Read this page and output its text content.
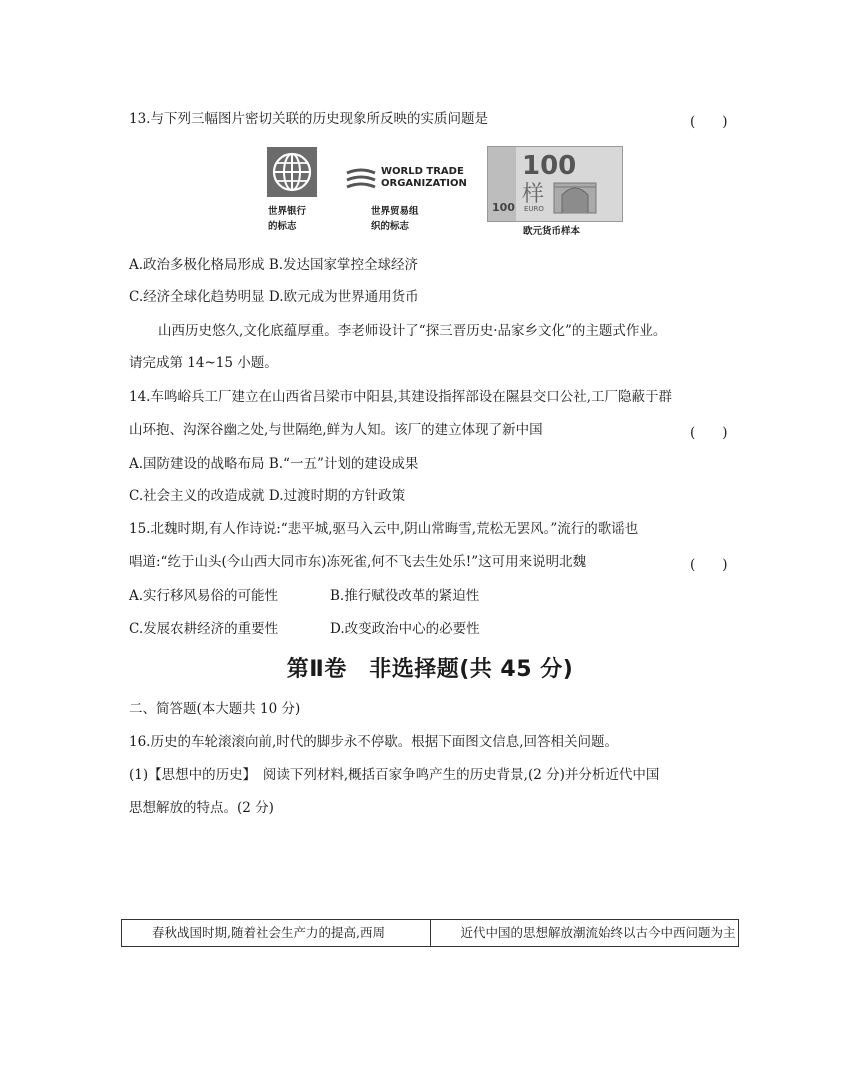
13.与下列三幅图片密切关联的历史现象所反映的实质问题是	(　　)
世界银行
的标志
WORLD TRADE
ORGANIZATION
世界贸易组
织的标志
100
样
100 EURO
欧元货币样本
A.政治多极化格局形成 B.发达国家掌控全球经济
C.经济全球化趋势明显 D.欧元成为世界通用货币
山西历史悠久,文化底蕴厚重。李老师设计了“探三晋历史·品家乡文化”的主题式作业。
请完成第 14~15 小题。
14.车鸣峪兵工厂建立在山西省吕梁市中阳县,其建设指挥部设在隰县交口公社,工厂隐蔽于群
山环抱、沟深谷幽之处,与世隔绝,鲜为人知。该厂的建立体现了新中国	(　　)
A.国防建设的战略布局 B.“一五”计划的建设成果
C.社会主义的改造成就 D.过渡时期的方针政策
15.北魏时期,有人作诗说:“悲平城,驱马入云中,阴山常晦雪,荒松无罢风。”流行的歌谣也
唱道:“纥于山头(今山西大同市东)冻死雀,何不飞去生处乐!”这可用来说明北魏	(　　)
A.实行移风易俗的可能性	B.推行赋役改革的紧迫性
C.发展农耕经济的重要性	D.改变政治中心的必要性
第Ⅱ卷　非选择题(共 45 分)
二、简答题(本大题共 10 分)
16.历史的车轮滚滚向前,时代的脚步永不停歇。根据下面图文信息,回答相关问题。
(1)【思想中的历史】　阅读下列材料,概括百家争鸣产生的历史背景,(2 分)并分析近代中国
思想解放的特点。(2 分)
春秋战国时期,随着社会生产力的提高,西周	近代中国的思想解放潮流始终以古今中西问题为主
